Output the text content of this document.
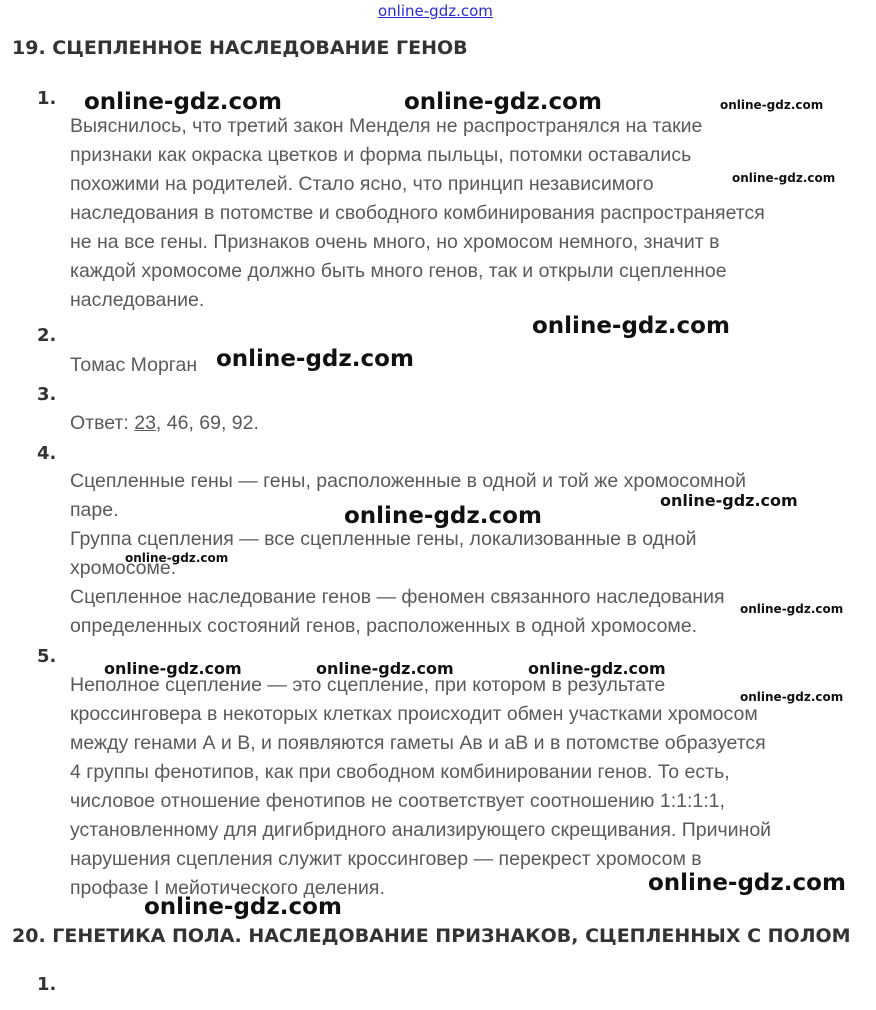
online-gdz.com
19. СЦЕПЛЕННОЕ НАСЛЕДОВАНИЕ ГЕНОВ
1.

Выяснилось, что третий закон Менделя не распространялся на такие

признаки как окраска цветков и форма пыльцы, потомки оставались

похожими на родителей. Стало ясно, что принцип независимого

наследования в потомстве и свободного комбинирования распространяется

не на все гены. Признаков очень много, но хромосом немного, значит в

каждой хромосоме должно быть много генов, так и открыли сцепленное

наследование.

2.

Томас Морган

3.
Ответ: 23, 46, 69, 92.
4.

Сцепленные гены — гены, расположенные в одной и той же хромосомной

паре.

Группа сцепления — все сцепленные гены, локализованные в одной

хромосоме.

Сцепленное наследование генов — феномен связанного наследования

определенных состояний генов, расположенных в одной хромосоме.

5.

Неполное сцепление — это сцепление, при котором в результате

кроссинговера в некоторых клетках происходит обмен участками хромосом

между генами А и В, и появляются гаметы Ав и аВ и в потомстве образуется

4 группы фенотипов, как при свободном комбинировании генов. То есть,

числовое отношение фенотипов не соответствует соотношению 1:1:1:1,

установленному для дигибридного анализирующего скрещивания. Причиной

нарушения сцепления служит кроссинговер — перекрест хромосом в

профазе I мейотического деления.

20. ГЕНЕТИКА ПОЛА. НАСЛЕДОВАНИЕ ПРИЗНАКОВ, СЦЕПЛЕННЫХ С ПОЛОМ
1.
online-gdz.com	online-gdz.com	online-gdz.com
online-gdz.com
online-gdz.com
online-gdz.com
online-gdz.com
online-gdz.com
online-gdz.com
online-gdz.com
online-gdz.com	online-gdz.com	online-gdz.com
online-gdz.com
online-gdz.com
online-gdz.com
